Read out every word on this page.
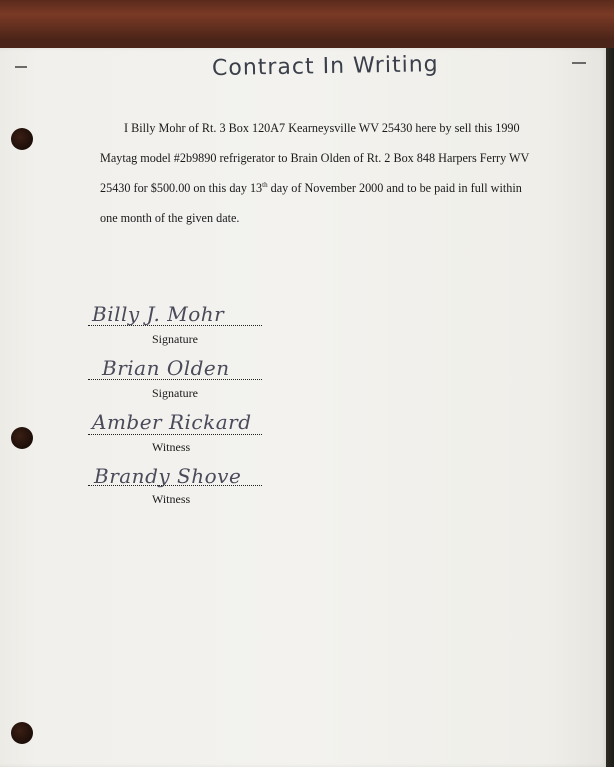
Contract In Writing
I Billy Mohr of Rt. 3 Box 120A7 Kearneysville WV 25430 here by sell this 1990
Maytag model #2b9890 refrigerator to Brain Olden of Rt. 2 Box 848 Harpers Ferry WV
25430 for $500.00 on this day 13th day of November 2000 and to be paid in full within
one month of the given date.
Billy J. Mohr
Signature
Brian Olden
Signature
Amber Rickard
Witness
Brandy Shove
Witness
